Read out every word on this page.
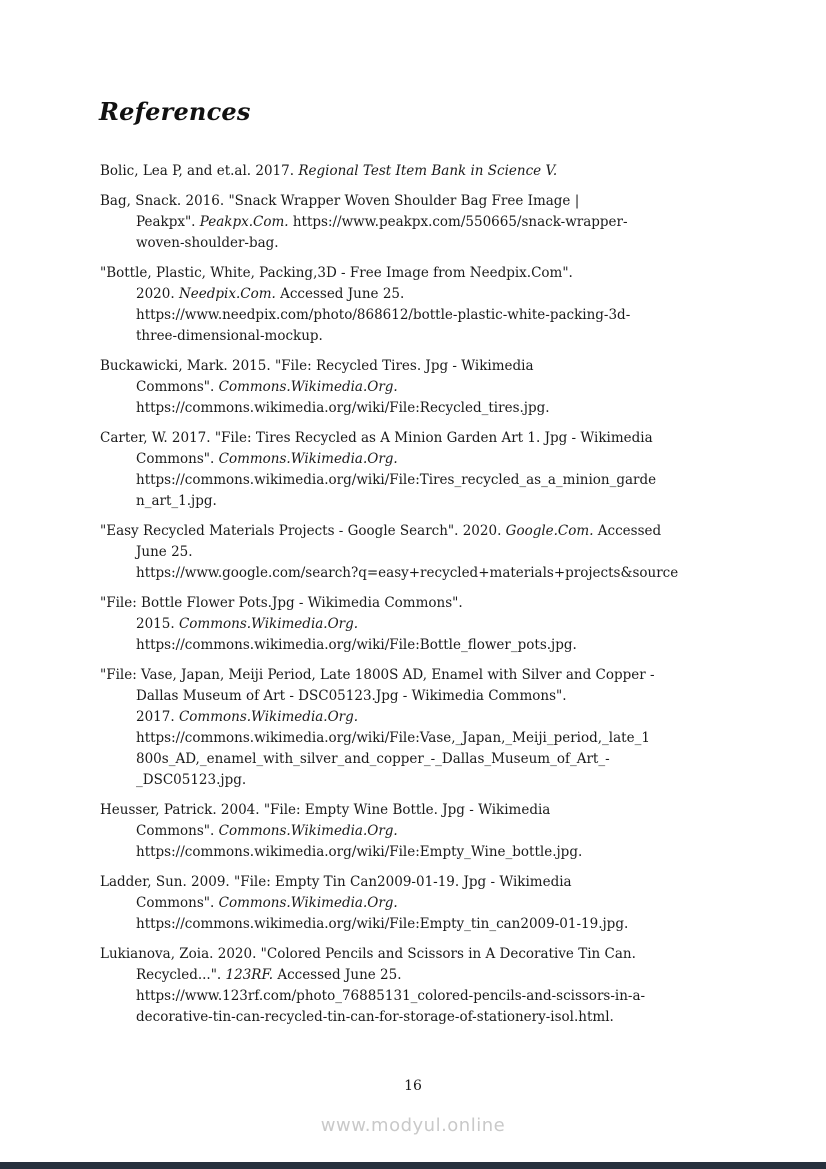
References
Bolic, Lea P, and et.al. 2017. Regional Test Item Bank in Science V.
Bag, Snack. 2016. "Snack Wrapper Woven Shoulder Bag Free Image |
Peakpx". Peakpx.Com. https://www.peakpx.com/550665/snack-wrapper-
woven-shoulder-bag.
"Bottle, Plastic, White, Packing,3D - Free Image from Needpix.Com".
2020. Needpix.Com. Accessed June 25.
https://www.needpix.com/photo/868612/bottle-plastic-white-packing-3d-
three-dimensional-mockup.
Buckawicki, Mark. 2015. "File: Recycled Tires. Jpg - Wikimedia
Commons". Commons.Wikimedia.Org.
https://commons.wikimedia.org/wiki/File:Recycled_tires.jpg.
Carter, W. 2017. "File: Tires Recycled as A Minion Garden Art 1. Jpg - Wikimedia
Commons". Commons.Wikimedia.Org.
https://commons.wikimedia.org/wiki/File:Tires_recycled_as_a_minion_garde
n_art_1.jpg.
"Easy Recycled Materials Projects - Google Search". 2020. Google.Com. Accessed
June 25.
https://www.google.com/search?q=easy+recycled+materials+projects&source
"File: Bottle Flower Pots.Jpg - Wikimedia Commons".
2015. Commons.Wikimedia.Org.
https://commons.wikimedia.org/wiki/File:Bottle_flower_pots.jpg.
"File: Vase, Japan, Meiji Period, Late 1800S AD, Enamel with Silver and Copper -
Dallas Museum of Art - DSC05123.Jpg - Wikimedia Commons".
2017. Commons.Wikimedia.Org.
https://commons.wikimedia.org/wiki/File:Vase,_Japan,_Meiji_period,_late_1
800s_AD,_enamel_with_silver_and_copper_-_Dallas_Museum_of_Art_-
_DSC05123.jpg.
Heusser, Patrick. 2004. "File: Empty Wine Bottle. Jpg - Wikimedia
Commons". Commons.Wikimedia.Org.
https://commons.wikimedia.org/wiki/File:Empty_Wine_bottle.jpg.
Ladder, Sun. 2009. "File: Empty Tin Can2009-01-19. Jpg - Wikimedia
Commons". Commons.Wikimedia.Org.
https://commons.wikimedia.org/wiki/File:Empty_tin_can2009-01-19.jpg.
Lukianova, Zoia. 2020. "Colored Pencils and Scissors in A Decorative Tin Can.
Recycled...". 123RF. Accessed June 25.
https://www.123rf.com/photo_76885131_colored-pencils-and-scissors-in-a-
decorative-tin-can-recycled-tin-can-for-storage-of-stationery-isol.html.
16
www.modyul.online
